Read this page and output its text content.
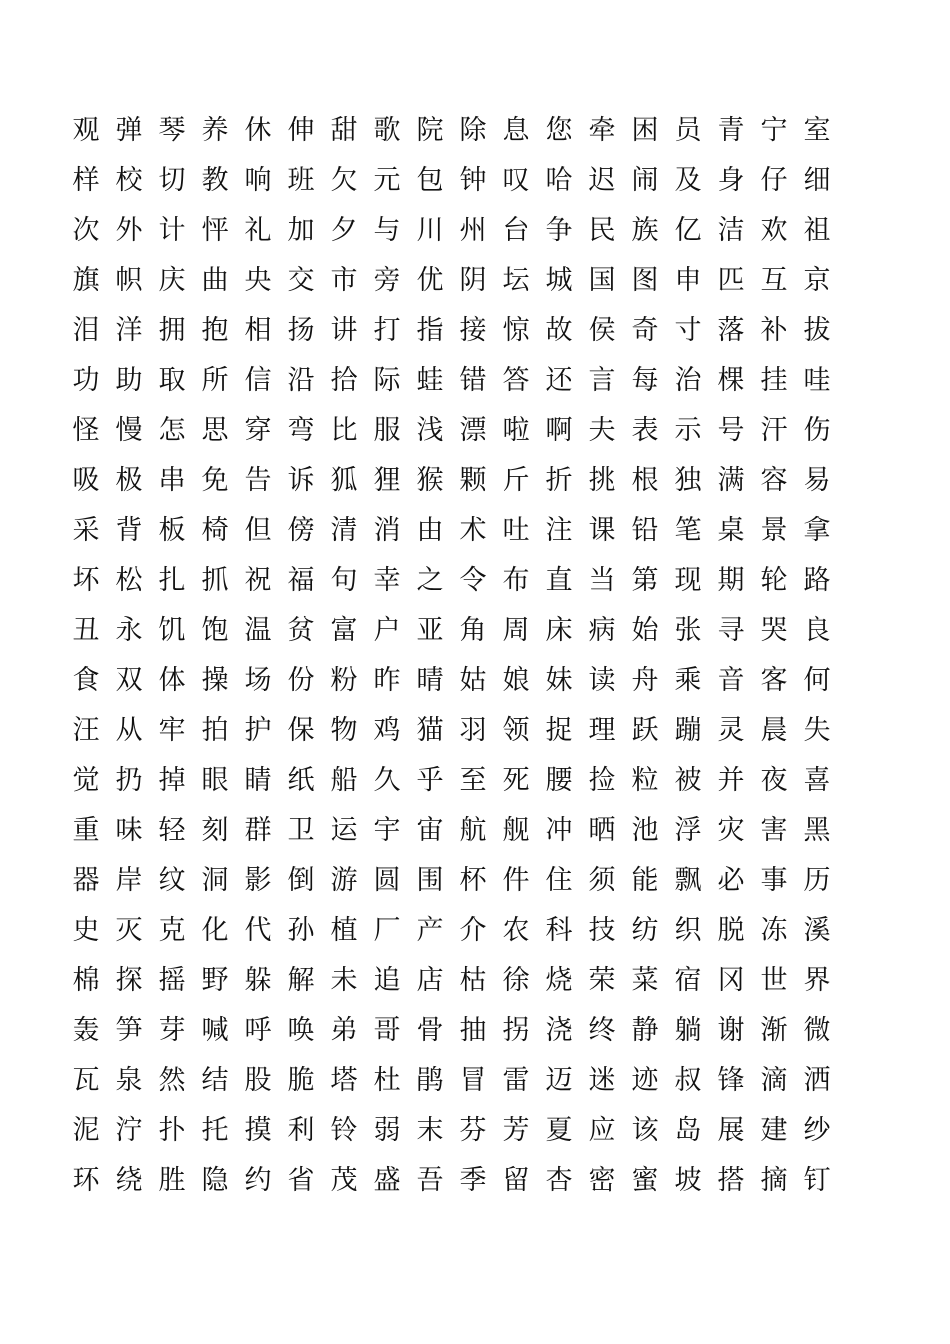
观 弹 琴 养 休 伸 甜 歌 院 除 息 您 牵 困 员 青 宁 室
样 校 切 教 响 班 欠 元 包 钟 叹 哈 迟 闹 及 身 仔 细
次 外 计 怦 礼 加 夕 与 川 州 台 争 民 族 亿 洁 欢 祖
旗 帜 庆 曲 央 交 市 旁 优 阴 坛 城 国 图 申 匹 互 京
泪 洋 拥 抱 相 扬 讲 打 指 接 惊 故 侯 奇 寸 落 补 拔
功 助 取 所 信 沿 拾 际 蛙 错 答 还 言 每 治 棵 挂 哇
怪 慢 怎 思 穿 弯 比 服 浅 漂 啦 啊 夫 表 示 号 汗 伤
吸 极 串 免 告 诉 狐 狸 猴 颗 斤 折 挑 根 独 满 容 易
采 背 板 椅 但 傍 清 消 由 术 吐 注 课 铅 笔 桌 景 拿
坏 松 扎 抓 祝 福 句 幸 之 令 布 直 当 第 现 期 轮 路
丑 永 饥 饱 温 贫 富 户 亚 角 周 床 病 始 张 寻 哭 良
食 双 体 操 场 份 粉 昨 晴 姑 娘 妹 读 舟 乘 音 客 何
汪 从 牢 拍 护 保 物 鸡 猫 羽 领 捉 理 跃 蹦 灵 晨 失
觉 扔 掉 眼 睛 纸 船 久 乎 至 死 腰 捡 粒 被 并 夜 喜
重 味 轻 刻 群 卫 运 宇 宙 航 舰 冲 晒 池 浮 灾 害 黑
器 岸 纹 洞 影 倒 游 圆 围 杯 件 住 须 能 飘 必 事 历
史 灭 克 化 代 孙 植 厂 产 介 农 科 技 纺 织 脱 冻 溪
棉 探 摇 野 躲 解 未 追 店 枯 徐 烧 荣 菜 宿 冈 世 界
轰 笋 芽 喊 呼 唤 弟 哥 骨 抽 拐 浇 终 静 躺 谢 渐 微
瓦 泉 然 结 股 脆 塔 杜 鹃 冒 雷 迈 迷 迹 叔 锋 滴 洒
泥 泞 扑 托 摸 利 铃 弱 末 芬 芳 夏 应 该 岛 展 建 纱
环 绕 胜 隐 约 省 茂 盛 吾 季 留 杏 密 蜜 坡 搭 摘 钉
